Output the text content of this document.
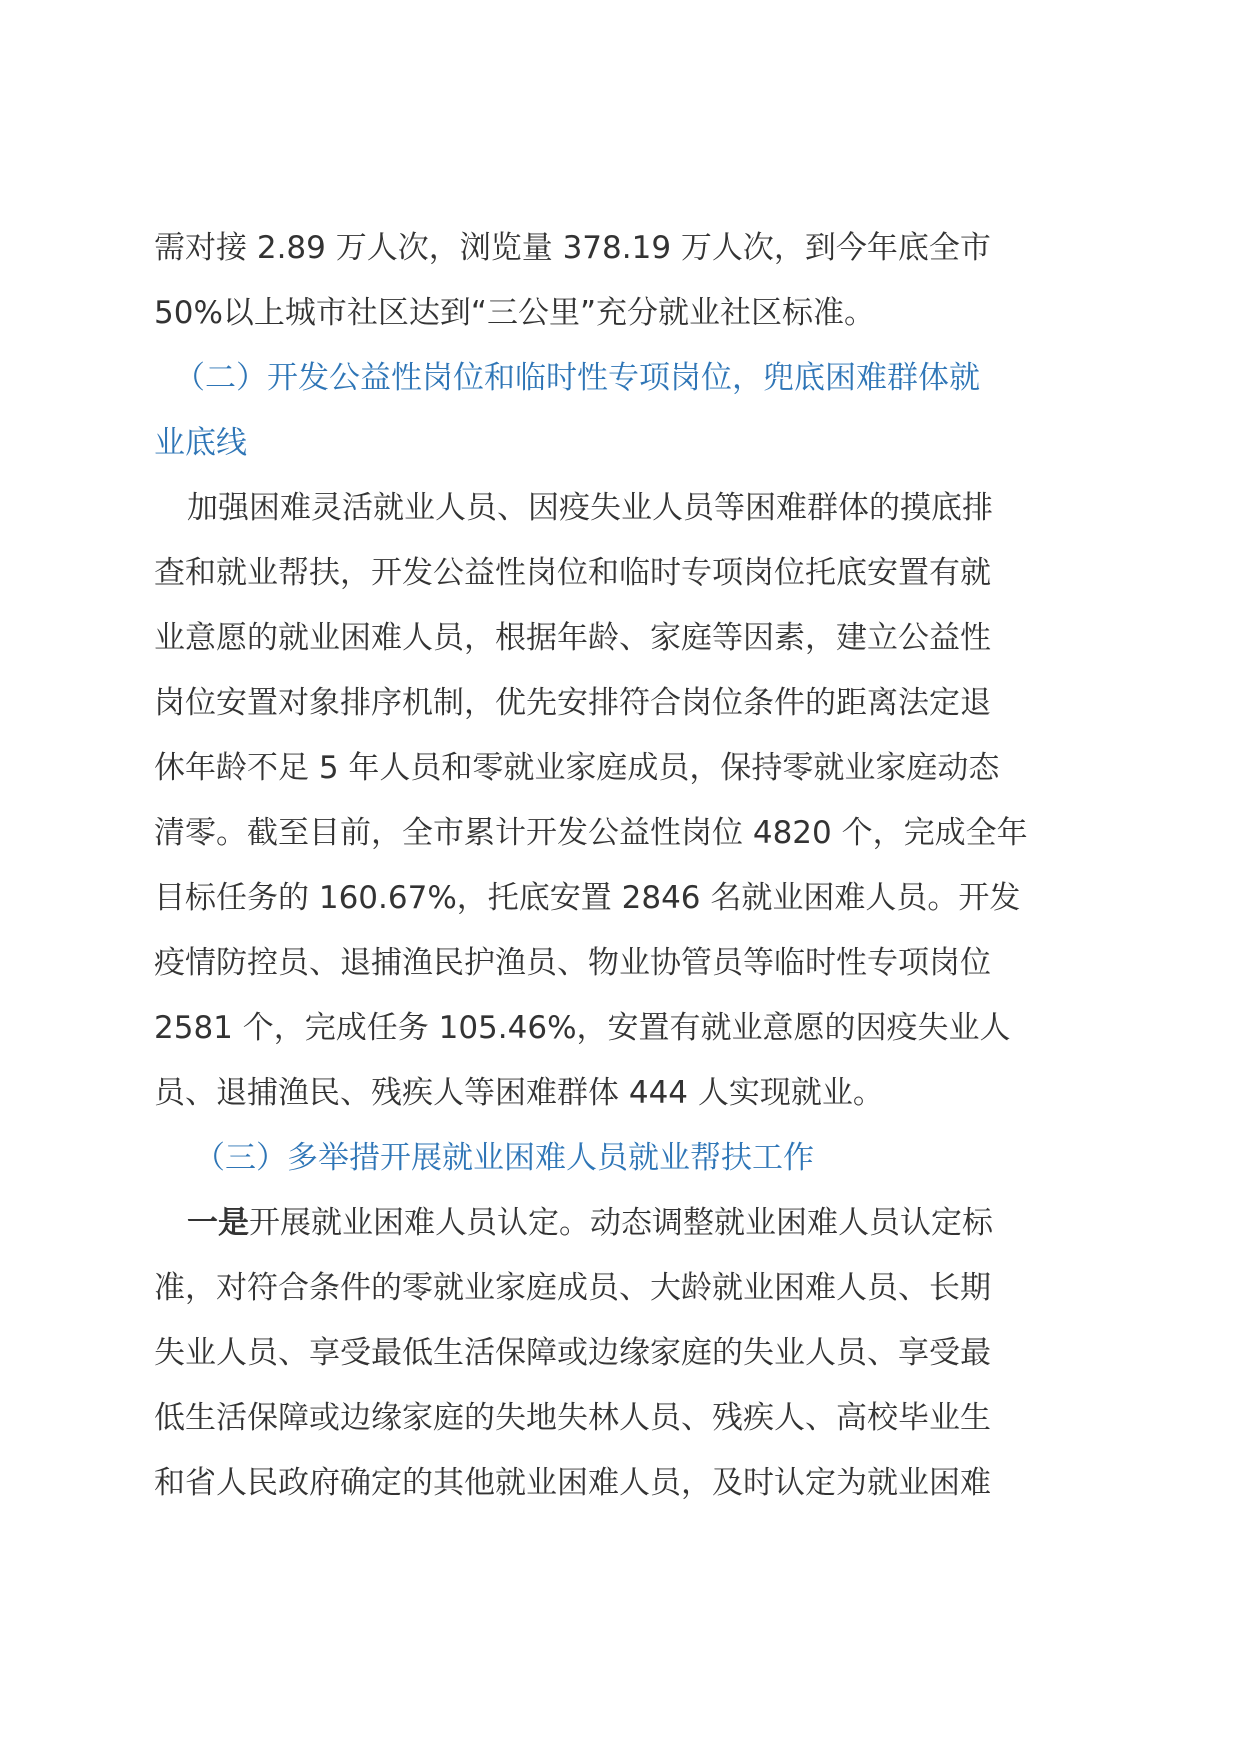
需对接 2.89 万人次，浏览量 378.19 万人次，到今年底全市
50%以上城市社区达到“三公里”充分就业社区标准。
（二）开发公益性岗位和临时性专项岗位，兜底困难群体就
业底线
加强困难灵活就业人员、因疫失业人员等困难群体的摸底排
查和就业帮扶，开发公益性岗位和临时专项岗位托底安置有就
业意愿的就业困难人员，根据年龄、家庭等因素，建立公益性
岗位安置对象排序机制，优先安排符合岗位条件的距离法定退
休年龄不足 5 年人员和零就业家庭成员，保持零就业家庭动态
清零。截至目前，全市累计开发公益性岗位 4820 个，完成全年
目标任务的 160.67%，托底安置 2846 名就业困难人员。开发
疫情防控员、退捕渔民护渔员、物业协管员等临时性专项岗位
2581 个，完成任务 105.46%，安置有就业意愿的因疫失业人
员、退捕渔民、残疾人等困难群体 444 人实现就业。
（三）多举措开展就业困难人员就业帮扶工作
一是开展就业困难人员认定。动态调整就业困难人员认定标
准，对符合条件的零就业家庭成员、大龄就业困难人员、长期
失业人员、享受最低生活保障或边缘家庭的失业人员、享受最
低生活保障或边缘家庭的失地失林人员、残疾人、高校毕业生
和省人民政府确定的其他就业困难人员，及时认定为就业困难
